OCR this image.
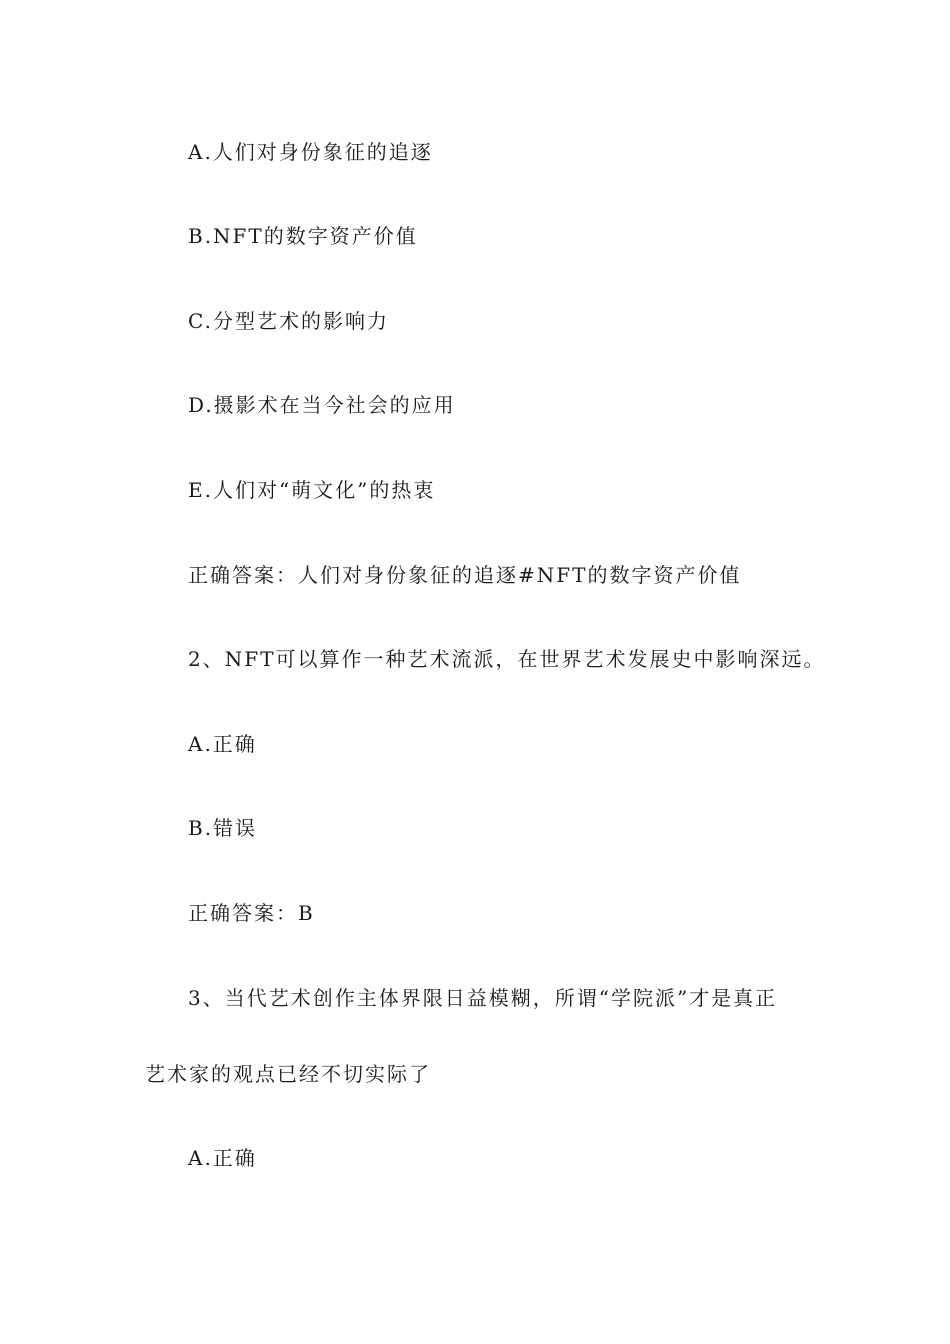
A.人们对身份象征的追逐
B.NFT的数字资产价值
C.分型艺术的影响力
D.摄影术在当今社会的应用
E.人们对“萌文化”的热衷
正确答案：人们对身份象征的追逐#NFT的数字资产价值
2、NFT可以算作一种艺术流派，在世界艺术发展史中影响深远。
A.正确
B.错误
正确答案：B
3、当代艺术创作主体界限日益模糊，所谓“学院派”才是真正
艺术家的观点已经不切实际了
A.正确
